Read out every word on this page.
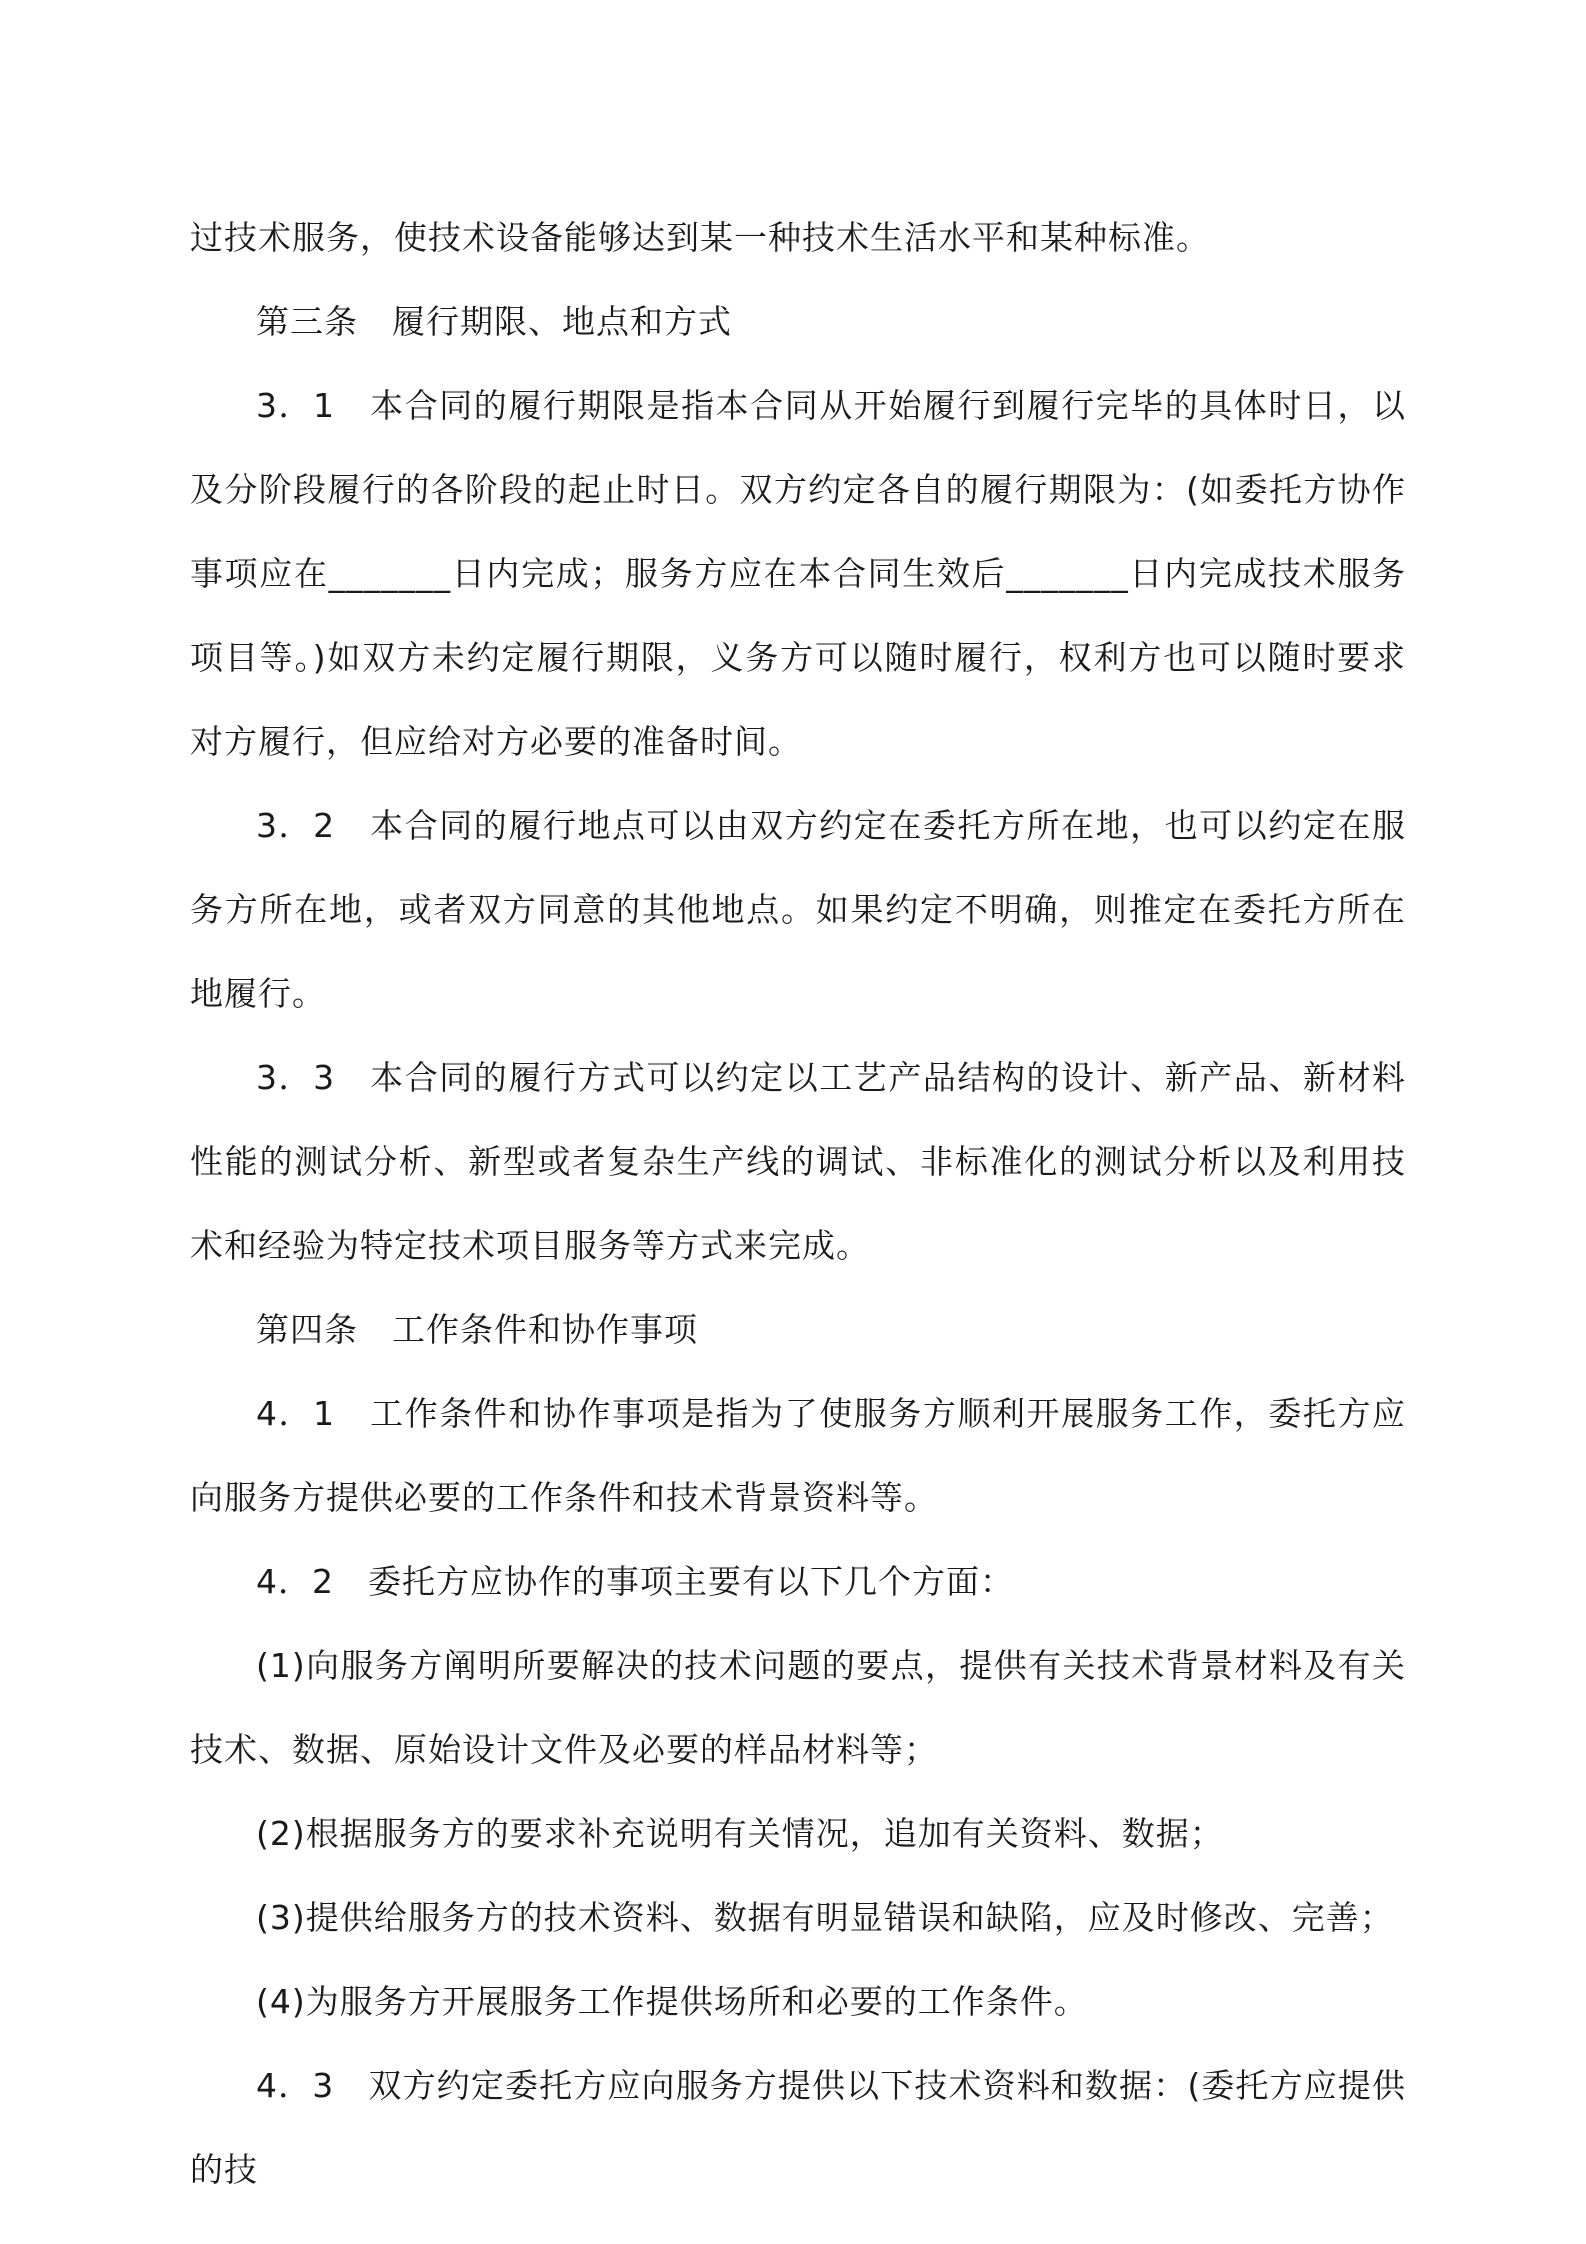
过技术服务，使技术设备能够达到某一种技术生活水平和某种标准。

第三条　履行期限、地点和方式

3．1　本合同的履行期限是指本合同从开始履行到履行完毕的具体时日，以及分阶段履行的各阶段的起止时日。双方约定各自的履行期限为：(如委托方协作事项应在_______日内完成；服务方应在本合同生效后_______日内完成技术服务项目等。)如双方未约定履行期限，义务方可以随时履行，权利方也可以随时要求对方履行，但应给对方必要的准备时间。

3．2　本合同的履行地点可以由双方约定在委托方所在地，也可以约定在服务方所在地，或者双方同意的其他地点。如果约定不明确，则推定在委托方所在地履行。

3．3　本合同的履行方式可以约定以工艺产品结构的设计、新产品、新材料性能的测试分析、新型或者复杂生产线的调试、非标准化的测试分析以及利用技术和经验为特定技术项目服务等方式来完成。

第四条　工作条件和协作事项

4．1　工作条件和协作事项是指为了使服务方顺利开展服务工作，委托方应向服务方提供必要的工作条件和技术背景资料等。

4．2　委托方应协作的事项主要有以下几个方面：

(1)向服务方阐明所要解决的技术问题的要点，提供有关技术背景材料及有关技术、数据、原始设计文件及必要的样品材料等；

(2)根据服务方的要求补充说明有关情况，追加有关资料、数据；

(3)提供给服务方的技术资料、数据有明显错误和缺陷，应及时修改、完善；

(4)为服务方开展服务工作提供场所和必要的工作条件。

4．3　双方约定委托方应向服务方提供以下技术资料和数据：(委托方应提供的技
